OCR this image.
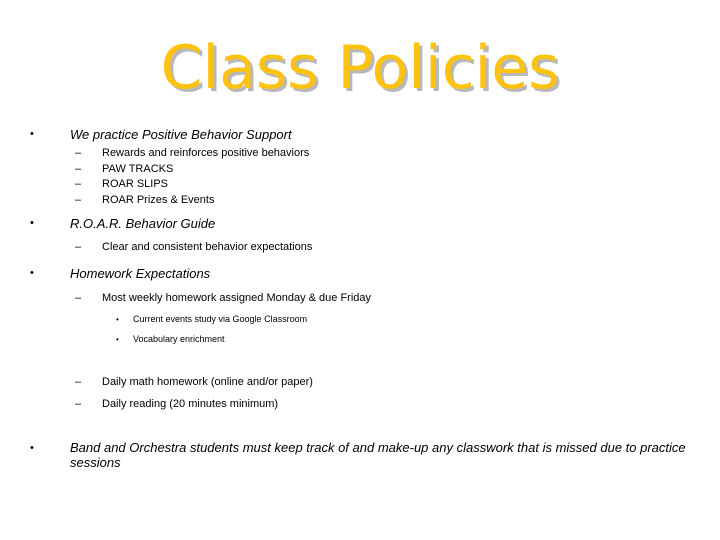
Class Policies
•	We practice Positive Behavior Support
– Rewards and reinforces positive behaviors
– PAW TRACKS
– ROAR SLIPS
– ROAR Prizes & Events
•	R.O.A.R. Behavior Guide
– Clear and consistent behavior expectations
•	Homework Expectations
– Most weekly homework assigned Monday & due Friday
• Current events study via Google Classroom
• Vocabulary enrichment
– Daily math homework (online and/or paper)
– Daily reading (20 minutes minimum)
•	Band and Orchestra students must keep track of and make-up any classwork that is missed due to practice sessions
